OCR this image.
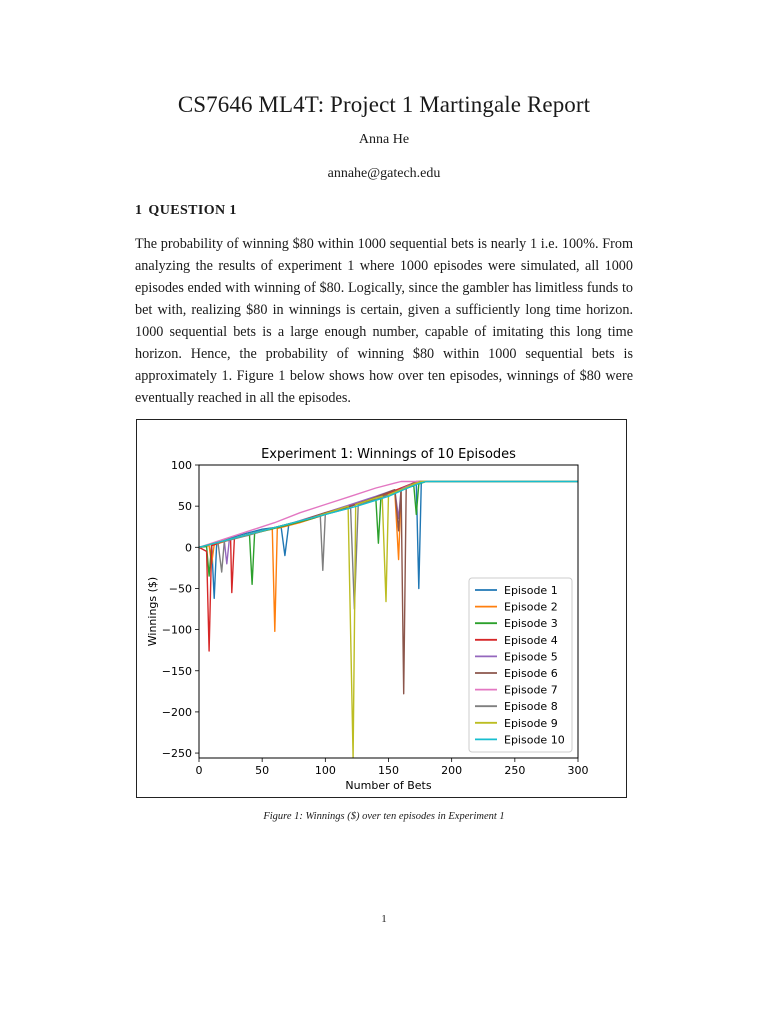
CS7646 ML4T: Project 1 Martingale Report
Anna He
annahe@gatech.edu
1 QUESTION 1

The probability of winning $80 within 1000 sequential bets is nearly 1 i.e. 100%. From analyzing the results of experiment 1 where 1000 episodes were simulated, all 1000 episodes ended with winning of $80. Logically, since the gambler has limitless funds to bet with, realizing $80 in winnings is certain, given a sufficiently long time horizon. 1000 sequential bets is a large enough number, capable of imitating this long time horizon. Hence, the probability of winning $80 within 1000 sequential bets is approximately 1. Figure 1 below shows how over ten episodes, winnings of $80 were eventually reached in all the episodes.

0	50	100	150	200	250	300
100
50
0
−50
−100
−150
−200
−250
Experiment 1: Winnings of 10 Episodes
Number of Bets
Winnings ($)	Episode 1
Episode 2
Episode 3
Episode 4
Episode 5
Episode 6
Episode 7
Episode 8
Episode 9
Episode 10
Figure 1: Winnings ($) over ten episodes in Experiment 1
1
